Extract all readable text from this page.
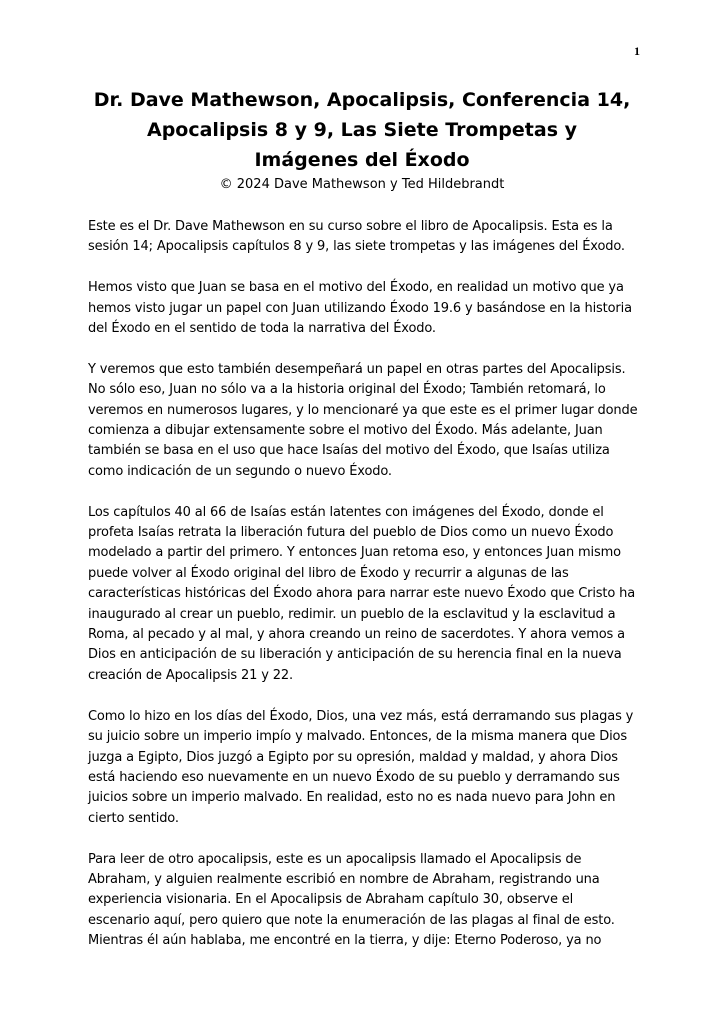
1
Dr. Dave Mathewson, Apocalipsis, Conferencia 14,
Apocalipsis 8 y 9, Las Siete Trompetas y
Imágenes del Éxodo
© 2024 Dave Mathewson y Ted Hildebrandt

Este es el Dr. Dave Mathewson en su curso sobre el libro de Apocalipsis. Esta es la
sesión 14; Apocalipsis capítulos 8 y 9, las siete trompetas y las imágenes del Éxodo.

Hemos visto que Juan se basa en el motivo del Éxodo, en realidad un motivo que ya
hemos visto jugar un papel con Juan utilizando Éxodo 19.6 y basándose en la historia
del Éxodo en el sentido de toda la narrativa del Éxodo.

Y veremos que esto también desempeñará un papel en otras partes del Apocalipsis.
No sólo eso, Juan no sólo va a la historia original del Éxodo; También retomará, lo
veremos en numerosos lugares, y lo mencionaré ya que este es el primer lugar donde
comienza a dibujar extensamente sobre el motivo del Éxodo. Más adelante, Juan
también se basa en el uso que hace Isaías del motivo del Éxodo, que Isaías utiliza
como indicación de un segundo o nuevo Éxodo.

Los capítulos 40 al 66 de Isaías están latentes con imágenes del Éxodo, donde el
profeta Isaías retrata la liberación futura del pueblo de Dios como un nuevo Éxodo
modelado a partir del primero. Y entonces Juan retoma eso, y entonces Juan mismo
puede volver al Éxodo original del libro de Éxodo y recurrir a algunas de las
características históricas del Éxodo ahora para narrar este nuevo Éxodo que Cristo ha
inaugurado al crear un pueblo, redimir. un pueblo de la esclavitud y la esclavitud a
Roma, al pecado y al mal, y ahora creando un reino de sacerdotes. Y ahora vemos a
Dios en anticipación de su liberación y anticipación de su herencia final en la nueva
creación de Apocalipsis 21 y 22.

Como lo hizo en los días del Éxodo, Dios, una vez más, está derramando sus plagas y
su juicio sobre un imperio impío y malvado. Entonces, de la misma manera que Dios
juzga a Egipto, Dios juzgó a Egipto por su opresión, maldad y maldad, y ahora Dios
está haciendo eso nuevamente en un nuevo Éxodo de su pueblo y derramando sus
juicios sobre un imperio malvado. En realidad, esto no es nada nuevo para John en
cierto sentido.

Para leer de otro apocalipsis, este es un apocalipsis llamado el Apocalipsis de
Abraham, y alguien realmente escribió en nombre de Abraham, registrando una
experiencia visionaria. En el Apocalipsis de Abraham capítulo 30, observe el
escenario aquí, pero quiero que note la enumeración de las plagas al final de esto.
Mientras él aún hablaba, me encontré en la tierra, y dije: Eterno Poderoso, ya no
